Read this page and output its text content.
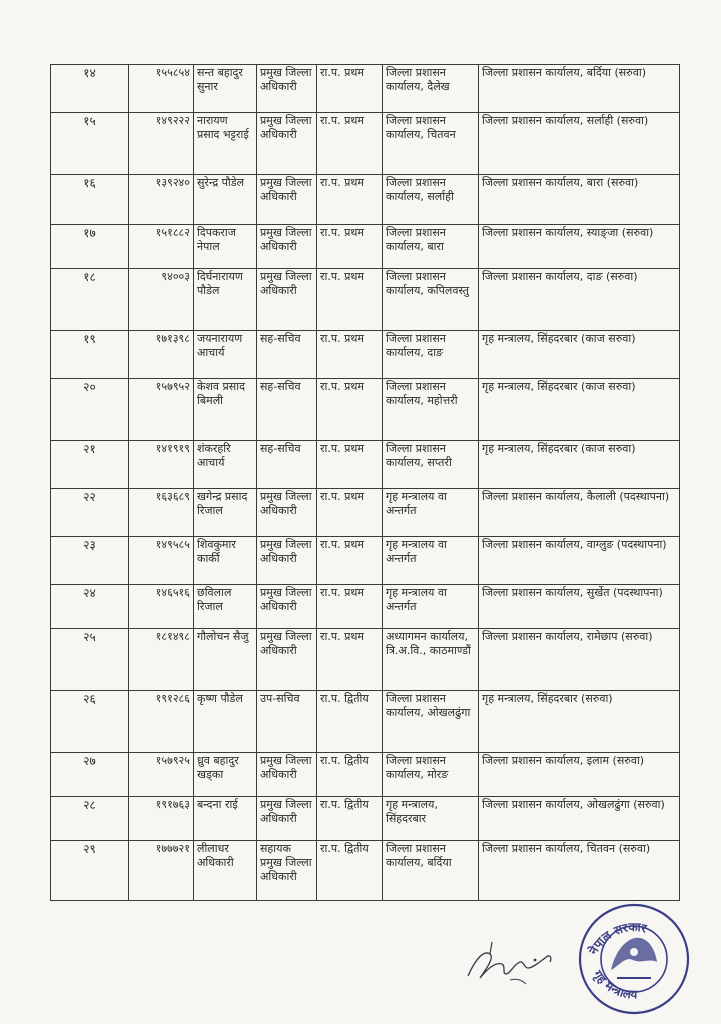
१४	१५५८५४	सन्त बहादुर सुनार	प्रमुख जिल्ला अधिकारी	रा.प. प्रथम	जिल्ला प्रशासन कार्यालय, दैलेख	जिल्ला प्रशासन कार्यालय, बर्दिया (सरुवा)
१५	१४९२२२	नारायण प्रसाद भट्टराई	प्रमुख जिल्ला अधिकारी	रा.प. प्रथम	जिल्ला प्रशासन कार्यालय, चितवन	जिल्ला प्रशासन कार्यालय, सर्लाही (सरुवा)
१६	१३९२४०	सुरेन्द्र पौडेल	प्रमुख जिल्ला अधिकारी	रा.प. प्रथम	जिल्ला प्रशासन कार्यालय, सर्लाही	जिल्ला प्रशासन कार्यालय, बारा (सरुवा)
१७	१५१८८२	दिपकराज नेपाल	प्रमुख जिल्ला अधिकारी	रा.प. प्रथम	जिल्ला प्रशासन कार्यालय, बारा	जिल्ला प्रशासन कार्यालय, स्याङ्जा (सरुवा)
१८	९४००३	दिर्घनारायण पौडेल	प्रमुख जिल्ला अधिकारी	रा.प. प्रथम	जिल्ला प्रशासन कार्यालय, कपिलवस्तु	जिल्ला प्रशासन कार्यालय, दाङ (सरुवा)
१९	१७१३९८	जयनारायण आचार्य	सह-सचिव	रा.प. प्रथम	जिल्ला प्रशासन कार्यालय, दाङ	गृह मन्त्रालय, सिंहदरबार (काज सरुवा)
२०	१५७९५२	केशव प्रसाद बिमली	सह-सचिव	रा.प. प्रथम	जिल्ला प्रशासन कार्यालय, महोत्तरी	गृह मन्त्रालय, सिंहदरबार (काज सरुवा)
२१	१४१९१९	शंकरहरि आचार्य	सह-सचिव	रा.प. प्रथम	जिल्ला प्रशासन कार्यालय, सप्तरी	गृह मन्त्रालय, सिंहदरबार (काज सरुवा)
२२	१६३६८९	खगेन्द्र प्रसाद रिजाल	प्रमुख जिल्ला अधिकारी	रा.प. प्रथम	गृह मन्त्रालय वा अन्तर्गत	जिल्ला प्रशासन कार्यालय, कैलाली (पदस्थापना)
२३	१४९५८५	शिवकुमार कार्की	प्रमुख जिल्ला अधिकारी	रा.प. प्रथम	गृह मन्त्रालय वा अन्तर्गत	जिल्ला प्रशासन कार्यालय, वाग्लुङ (पदस्थापना)
२४	१४६५१६	छविलाल रिजाल	प्रमुख जिल्ला अधिकारी	रा.प. प्रथम	गृह मन्त्रालय वा अन्तर्गत	जिल्ला प्रशासन कार्यालय, सुर्खेत (पदस्थापना)
२५	१८१४९८	गौलोचन सैजु	प्रमुख जिल्ला अधिकारी	रा.प. प्रथम	अध्यागमन कार्यालय, त्रि.अ.वि., काठमाण्डौं	जिल्ला प्रशासन कार्यालय, रामेछाप (सरुवा)
२६	१९१२८६	कृष्ण पौडेल	उप-सचिव	रा.प. द्वितीय	जिल्ला प्रशासन कार्यालय, ओखलढुंगा	गृह मन्त्रालय, सिंहदरबार (सरुवा)
२७	१५७९२५	ध्रुव बहादुर खड्का	प्रमुख जिल्ला अधिकारी	रा.प. द्वितीय	जिल्ला प्रशासन कार्यालय, मोरङ	जिल्ला प्रशासन कार्यालय, इलाम (सरुवा)
२८	१९१७६३	बन्दना राई	प्रमुख जिल्ला अधिकारी	रा.प. द्वितीय	गृह मन्त्रालय, सिंहदरबार	जिल्ला प्रशासन कार्यालय, ओखलढुंगा (सरुवा)
२९	१७७७२१	लीलाधर अधिकारी	सहायक प्रमुख जिल्ला अधिकारी	रा.प. द्वितीय	जिल्ला प्रशासन कार्यालय, बर्दिया	जिल्ला प्रशासन कार्यालय, चितवन (सरुवा)
नेपाल सरकार
गृह मन्त्रालय
